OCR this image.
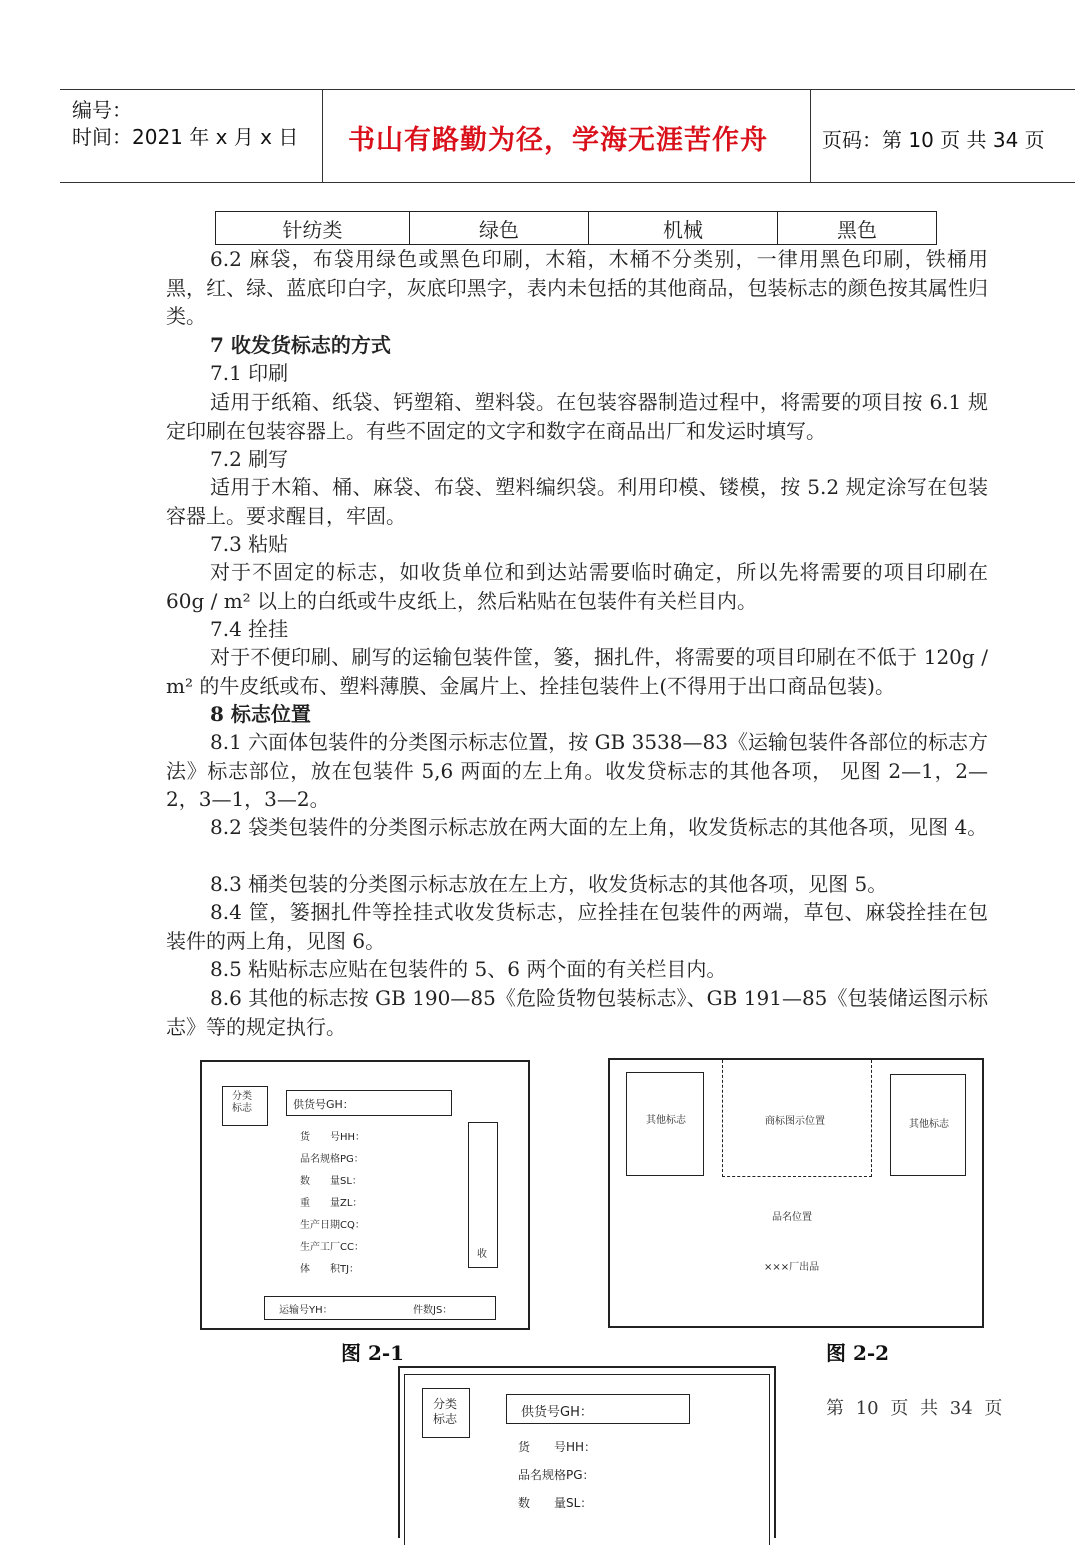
编号：
时间：2021 年 x 月 x 日 书山有路勤为径，学海无涯苦作舟	页码：第 10 页 共 34 页
针纺类	绿色	机械	黑色
6.2 麻袋，布袋用绿色或黑色印刷，木箱，木桶不分类别，一律用黑色印刷，铁桶用黑，红、绿、蓝底印白字，灰底印黑字，表内未包括的其他商品，包装标志的颜色按其属性归类。
7 收发货标志的方式
7.1 印刷
适用于纸箱、纸袋、钙塑箱、塑料袋。在包装容器制造过程中，将需要的项目按 6.1 规定印刷在包装容器上。有些不固定的文字和数字在商品出厂和发运时填写。
7.2 刷写
适用于木箱、桶、麻袋、布袋、塑料编织袋。利用印模、镂模，按 5.2 规定涂写在包装容器上。要求醒目，牢固。
7.3 粘贴
对于不固定的标志，如收货单位和到达站需要临时确定，所以先将需要的项目印刷在 60g / m² 以上的白纸或牛皮纸上，然后粘贴在包装件有关栏目内。
7.4 拴挂
对于不便印刷、刷写的运输包装件筐，篓，捆扎件，将需要的项目印刷在不低于 120g / m² 的牛皮纸或布、塑料薄膜、金属片上、拴挂包装件上(不得用于出口商品包装)。
8 标志位置
8.1 六面体包装件的分类图示标志位置，按 GB 3538—83《运输包装件各部位的标志方法》标志部位，放在包装件 5,6 两面的左上角。收发贷标志的其他各项， 见图 2—1，2—2，3—1，3—2。
8.2 袋类包装件的分类图示标志放在两大面的左上角，收发货标志的其他各项，见图 4。
8.3 桶类包装的分类图示标志放在左上方，收发货标志的其他各项，见图 5。
8.4 筐，篓捆扎件等拴挂式收发货标志，应拴挂在包装件的两端，草包、麻袋拴挂在包装件的两上角，见图 6。
8.5 粘贴标志应贴在包装件的 5、6 两个面的有关栏目内。
8.6 其他的标志按 GB 190—85《危险货物包装标志》、GB 191—85《包装储运图示标志》等的规定执行。
分类
标志	供货号GH：
货　　号HH：
品名规格PG：
数　　量SL：
重　　量ZL：
生产日期CQ：
生产工厂CC：
体　　积TJ：
收
运输号YH：	件数JS：
图 2-1
其他标志	商标图示位置	其他标志
品名位置
×××厂出品
图 2-2
分类
标志	供货号GH：
货　　号HH：
品名规格PG：
数　　量SL：
第 10 页 共 34 页
